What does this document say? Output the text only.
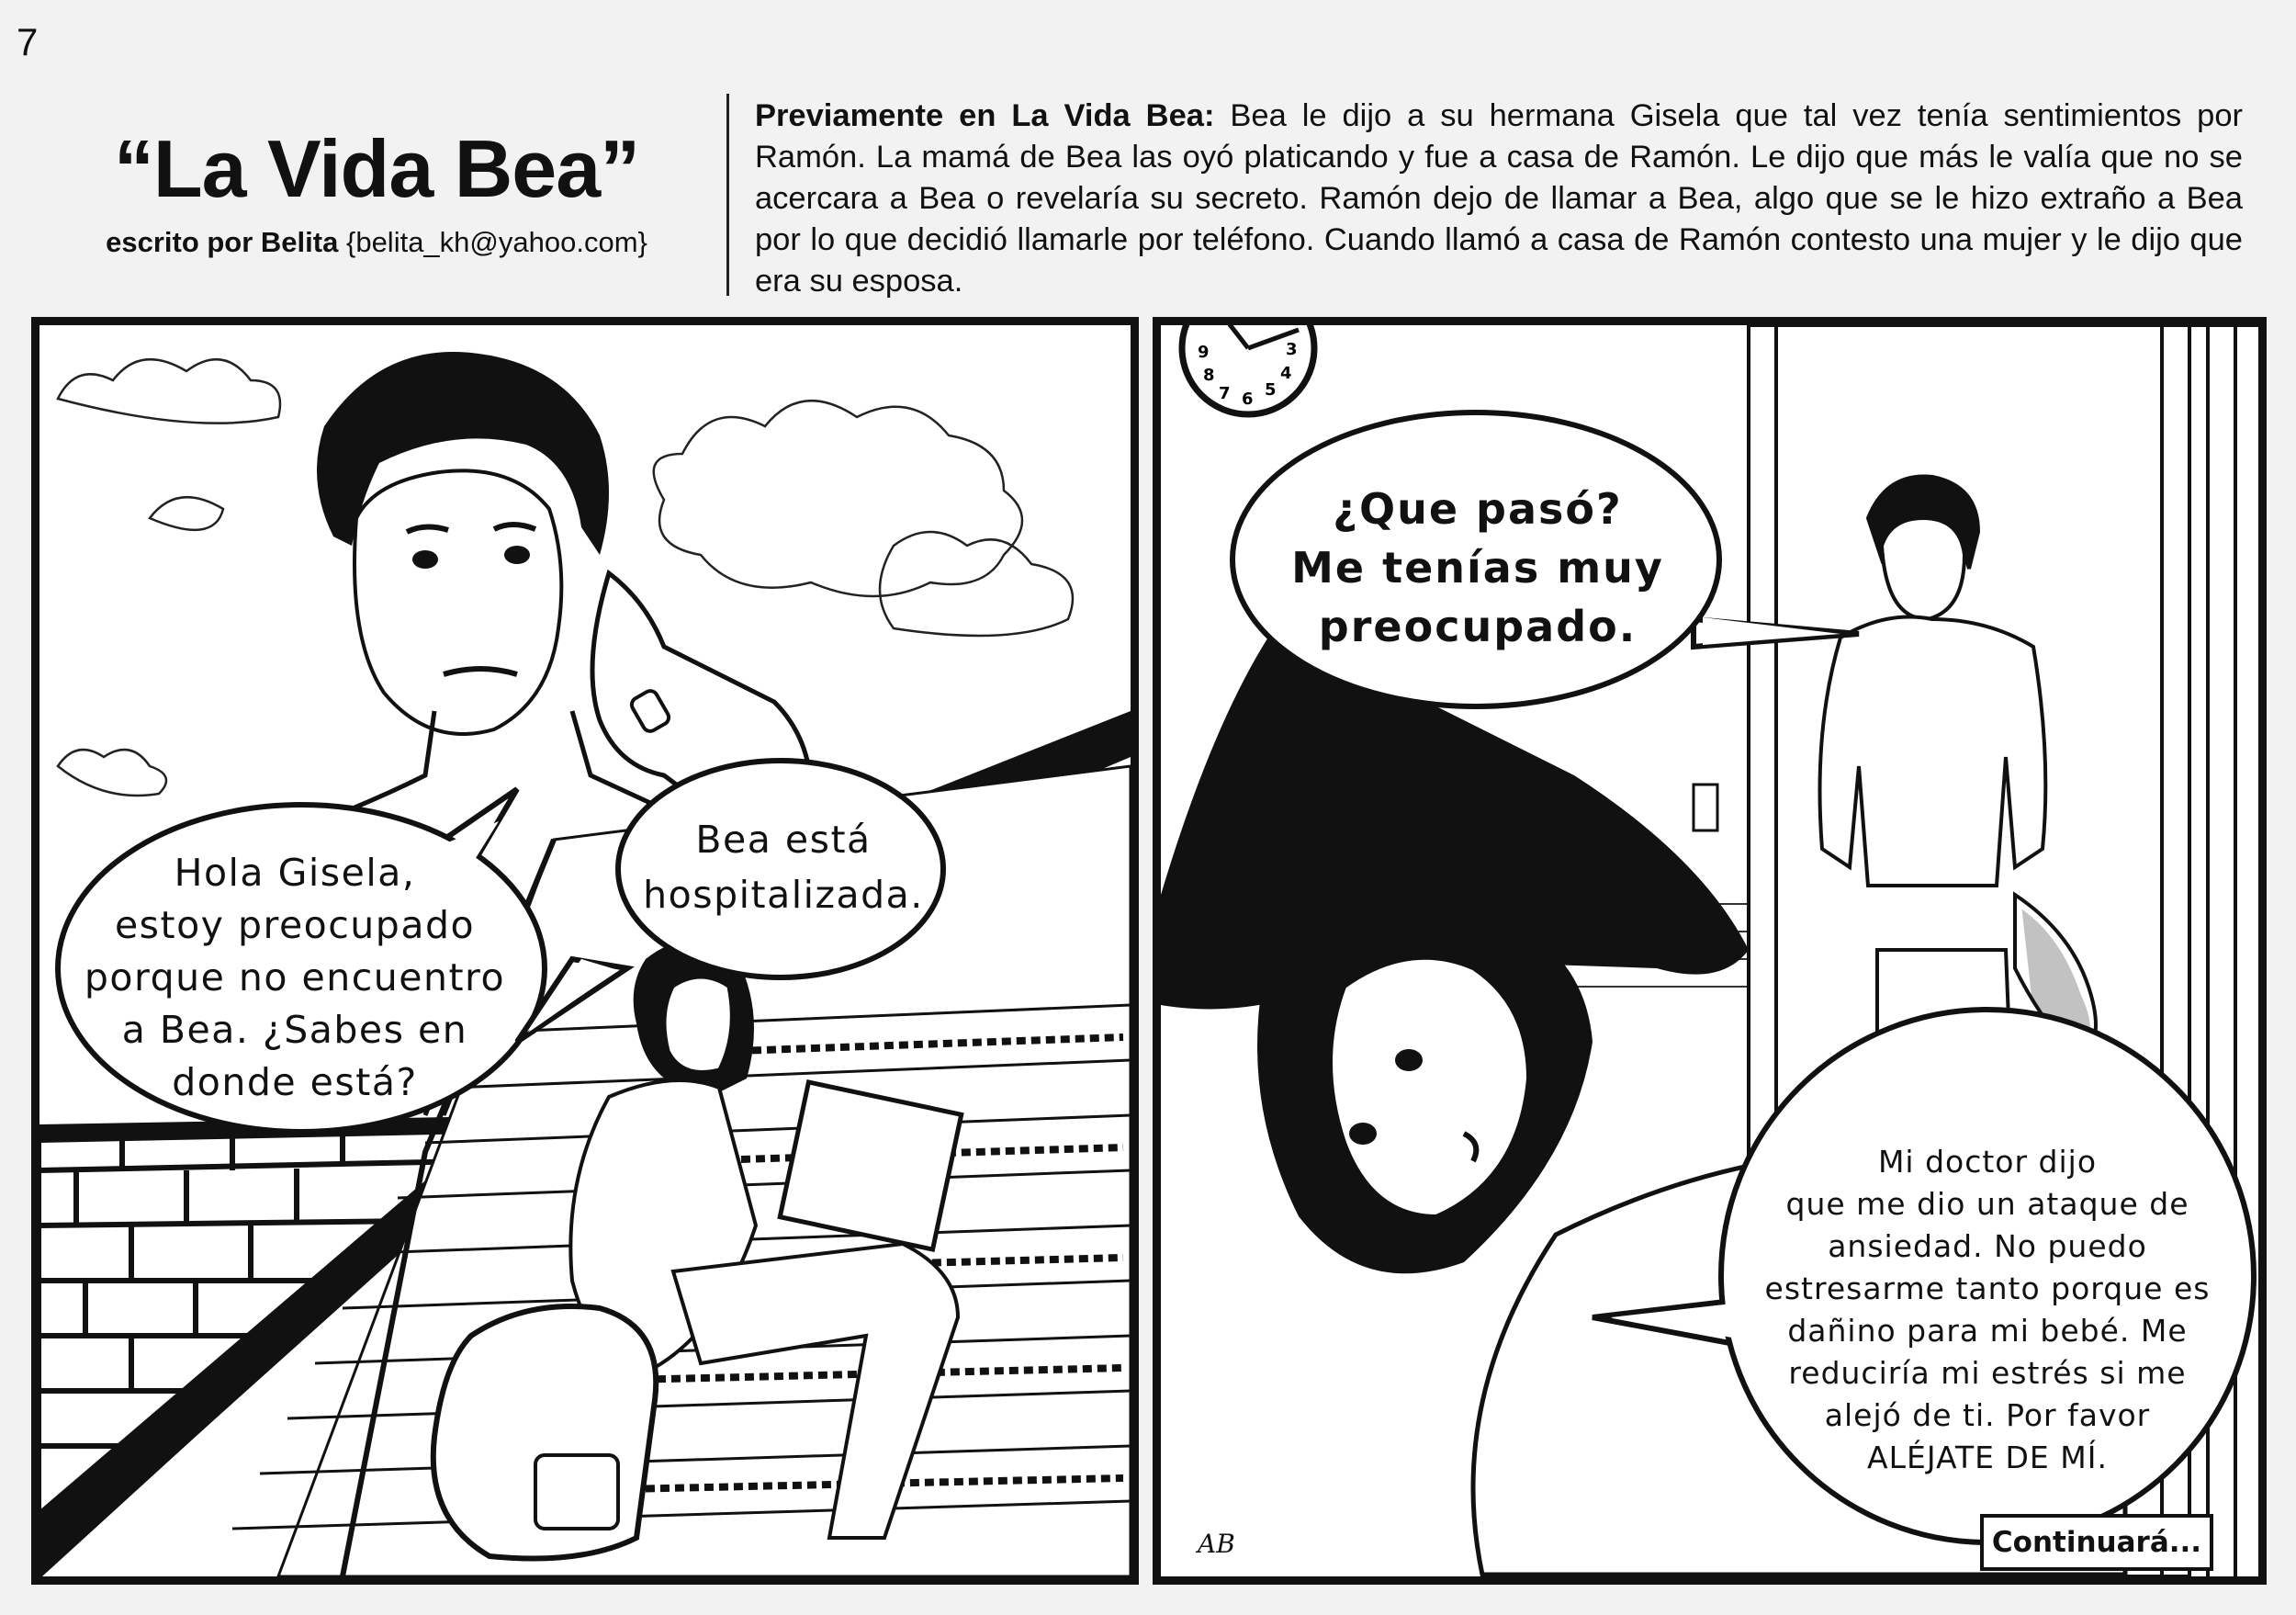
7
“La Vida Bea”
escrito por Belita {belita_kh@yahoo.com}
Previamente en La Vida Bea: Bea le dijo a su hermana Gisela que tal vez tenía sentimientos por Ramón. La mamá de Bea las oyó platicando y fue a casa de Ramón. Le dijo que más le valía que no se acercara a Bea o revelaría su secreto. Ramón dejo de llamar a Bea, algo que se le hizo extraño a Bea por lo que decidió llamarle por teléfono. Cuando llamó a casa de Ramón contesto una mujer y le dijo que era su esposa.
Hola Gisela,
estoy preocupado
porque no encuentro
a Bea. ¿Sabes en
donde está?
Bea está
hospitalizada.
9
8
7 6 5
4
3
¿Que pasó?
Me tenías muy
preocupado.
Mi doctor dijo
que me dio un ataque de
ansiedad. No puedo
estresarme tanto porque es
dañino para mi bebé. Me
reduciría mi estrés si me
alejó de ti. Por favor
ALÉJATE DE MÍ.
AB	Continuará...
